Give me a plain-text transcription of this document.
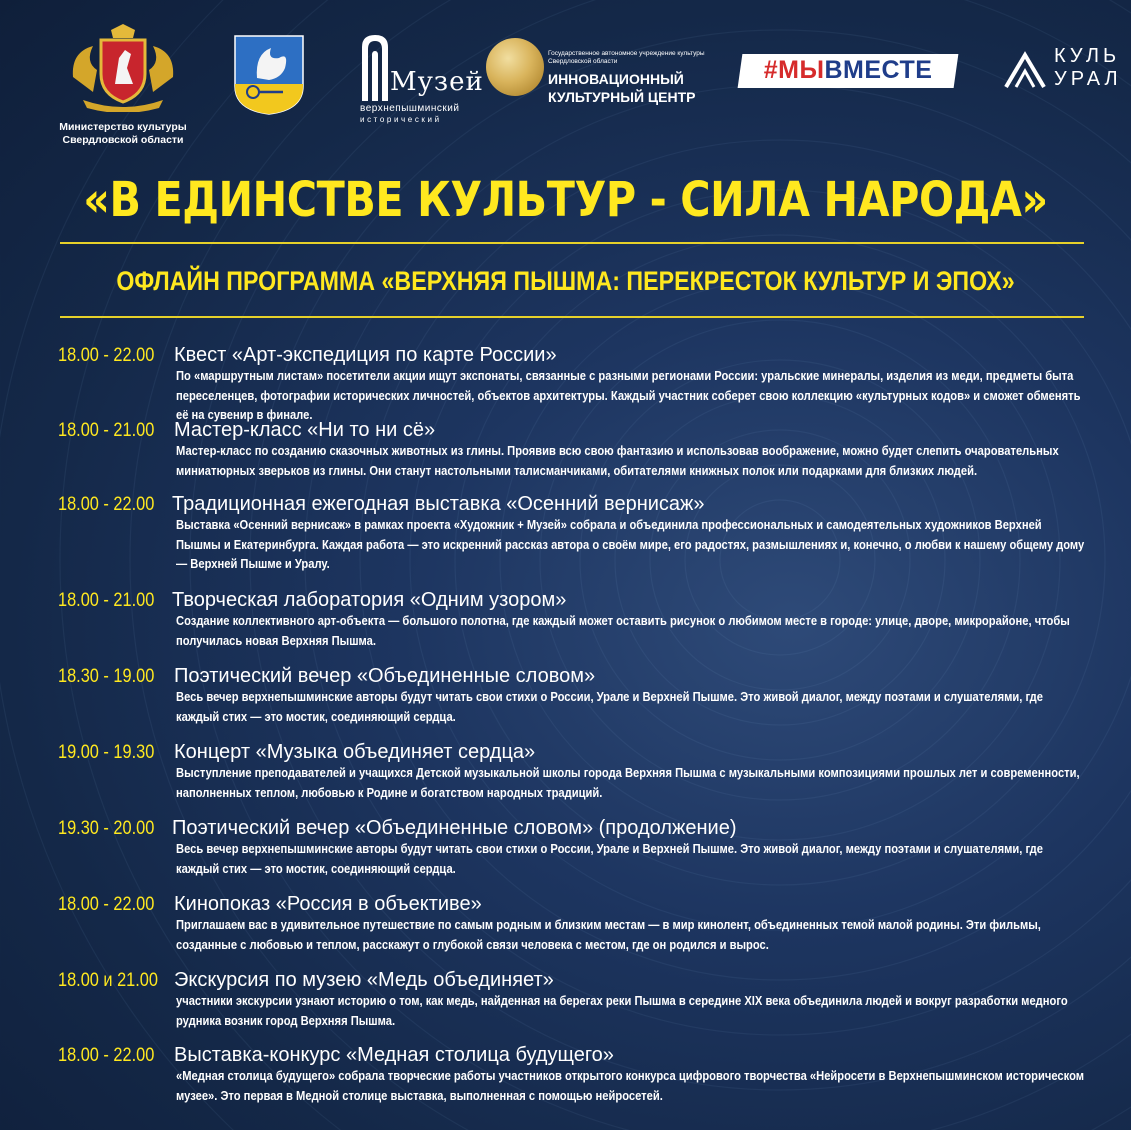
Министерство культуры
Свердловской области
Музей
верхнепышминский
исторический
Государственное автономное учреждение культуры
Свердловской области
ИННОВАЦИОННЫЙ
КУЛЬТУРНЫЙ ЦЕНТР
#МЫВМЕСТЕ	КУЛЬ
УРАЛ
«В ЕДИНСТВЕ КУЛЬТУР - СИЛА НАРОДА»
ОФЛАЙН ПРОГРАММА «ВЕРХНЯЯ ПЫШМА: ПЕРЕКРЕСТОК КУЛЬТУР И ЭПОХ»
18.00 - 22.00 Квест «Арт-экспедиция по карте России»
По «маршрутным листам» посетители акции ищут экспонаты, связанные с разными регионами России: уральские минералы, изделия из меди, предметы быта переселенцев, фотографии исторических личностей, объектов архитектуры. Каждый участник соберет свою коллекцию «культурных кодов» и сможет обменять её на сувенир в финале.
18.00 - 21.00 Мастер-класс «Ни то ни сё»
Мастер-класс по созданию сказочных животных из глины. Проявив всю свою фантазию и использовав воображение, можно будет слепить очаровательных миниатюрных зверьков из глины. Они станут настольными талисманчиками, обитателями книжных полок или подарками для близких людей.
18.00 - 22.00 Традиционная ежегодная выставка «Осенний вернисаж»
Выставка «Осенний вернисаж» в рамках проекта «Художник + Музей» собрала и объединила профессиональных и самодеятельных художников Верхней Пышмы и Екатеринбурга. Каждая работа — это искренний рассказ автора о своём мире, его радостях, размышлениях и, конечно, о любви к нашему общему дому — Верхней Пышме и Уралу.
18.00 - 21.00 Творческая лаборатория «Одним узором»
Создание коллективного арт-объекта — большого полотна, где каждый может оставить рисунок о любимом месте в городе: улице, дворе, микрорайоне, чтобы получилась новая Верхняя Пышма.
18.30 - 19.00 Поэтический вечер «Объединенные словом»
Весь вечер верхнепышминские авторы будут читать свои стихи о России, Урале и Верхней Пышме. Это живой диалог, между поэтами и слушателями, где каждый стих — это мостик, соединяющий сердца.
19.00 - 19.30 Концерт «Музыка объединяет сердца»
Выступление преподавателей и учащихся Детской музыкальной школы города Верхняя Пышма с музыкальными композициями прошлых лет и современности, наполненных теплом, любовью к Родине и богатством народных традиций.
19.30 - 20.00 Поэтический вечер «Объединенные словом» (продолжение)
Весь вечер верхнепышминские авторы будут читать свои стихи о России, Урале и Верхней Пышме. Это живой диалог, между поэтами и слушателями, где каждый стих — это мостик, соединяющий сердца.
18.00 - 22.00 Кинопоказ «Россия в объективе»
Приглашаем вас в удивительное путешествие по самым родным и близким местам — в мир кинолент, объединенных темой малой родины. Эти фильмы, созданные с любовью и теплом, расскажут о глубокой связи человека с местом, где он родился и вырос.
18.00 и 21.00 Экскурсия по музею «Медь объединяет»
участники экскурсии узнают историю о том, как медь, найденная на берегах реки Пышма в середине XIX века объединила людей и вокруг разработки медного рудника возник город Верхняя Пышма.
18.00 - 22.00 Выставка-конкурс «Медная столица будущего»
«Медная столица будущего» собрала творческие работы участников открытого конкурса цифрового творчества «Нейросети в Верхнепышминском историческом музее». Это первая в Медной столице выставка, выполненная с помощью нейросетей.
